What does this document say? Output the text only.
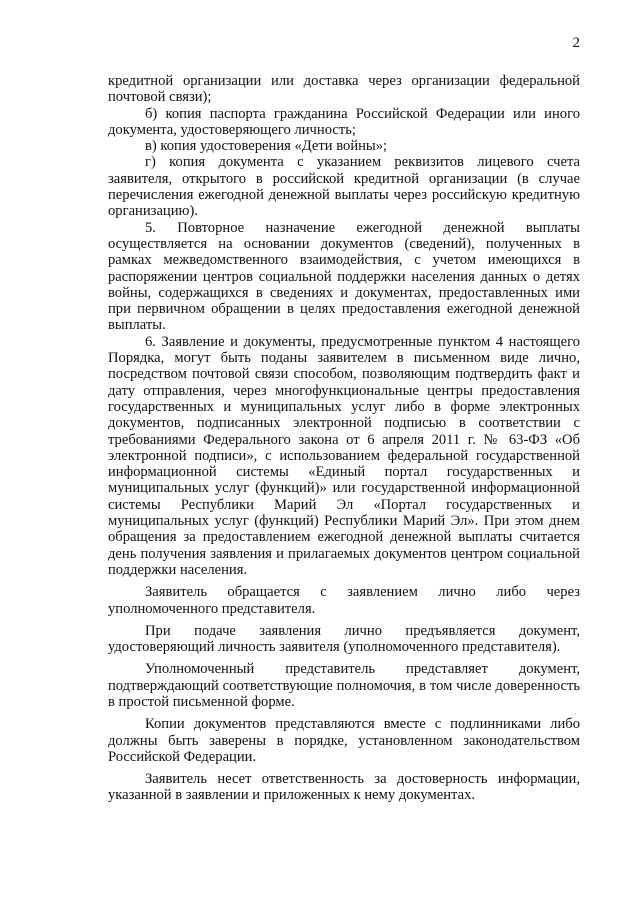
2

кредитной организации или доставка через организации федеральной почтовой связи);

б) копия паспорта гражданина Российской Федерации или иного документа, удостоверяющего личность;

в) копия удостоверения «Дети войны»;

г) копия документа с указанием реквизитов лицевого счета заявителя, открытого в российской кредитной организации (в случае перечисления ежегодной денежной выплаты через российскую кредитную организацию).

5. Повторное назначение ежегодной денежной выплаты осуществляется на основании документов (сведений), полученных в рамках межведомственного взаимодействия, с учетом имеющихся в распоряжении центров социальной поддержки населения данных о детях войны, содержащихся в сведениях и документах, предоставленных ими при первичном обращении в целях предоставления ежегодной денежной выплаты.

6. Заявление и документы, предусмотренные пунктом 4 настоящего Порядка, могут быть поданы заявителем в письменном виде лично, посредством почтовой связи способом, позволяющим подтвердить факт и дату отправления, через многофункциональные центры предоставления государственных и муниципальных услуг либо в форме электронных документов, подписанных электронной подписью в соответствии с требованиями Федерального закона от 6 апреля 2011 г. № 63-ФЗ «Об электронной подписи», с использованием федеральной государственной информационной системы «Единый портал государственных и муниципальных услуг (функций)» или государственной информационной системы Республики Марий Эл «Портал государственных и муниципальных услуг (функций) Республики Марий Эл». При этом днем обращения за предоставлением ежегодной денежной выплаты считается день получения заявления и прилагаемых документов центром социальной поддержки населения.

Заявитель обращается с заявлением лично либо через уполномоченного представителя.

При подаче заявления лично предъявляется документ, удостоверяющий личность заявителя (уполномоченного представителя).

Уполномоченный представитель представляет документ, подтверждающий соответствующие полномочия, в том числе доверенность в простой письменной форме.

Копии документов представляются вместе с подлинниками либо должны быть заверены в порядке, установленном законодательством Российской Федерации.

Заявитель несет ответственность за достоверность информации, указанной в заявлении и приложенных к нему документах.
